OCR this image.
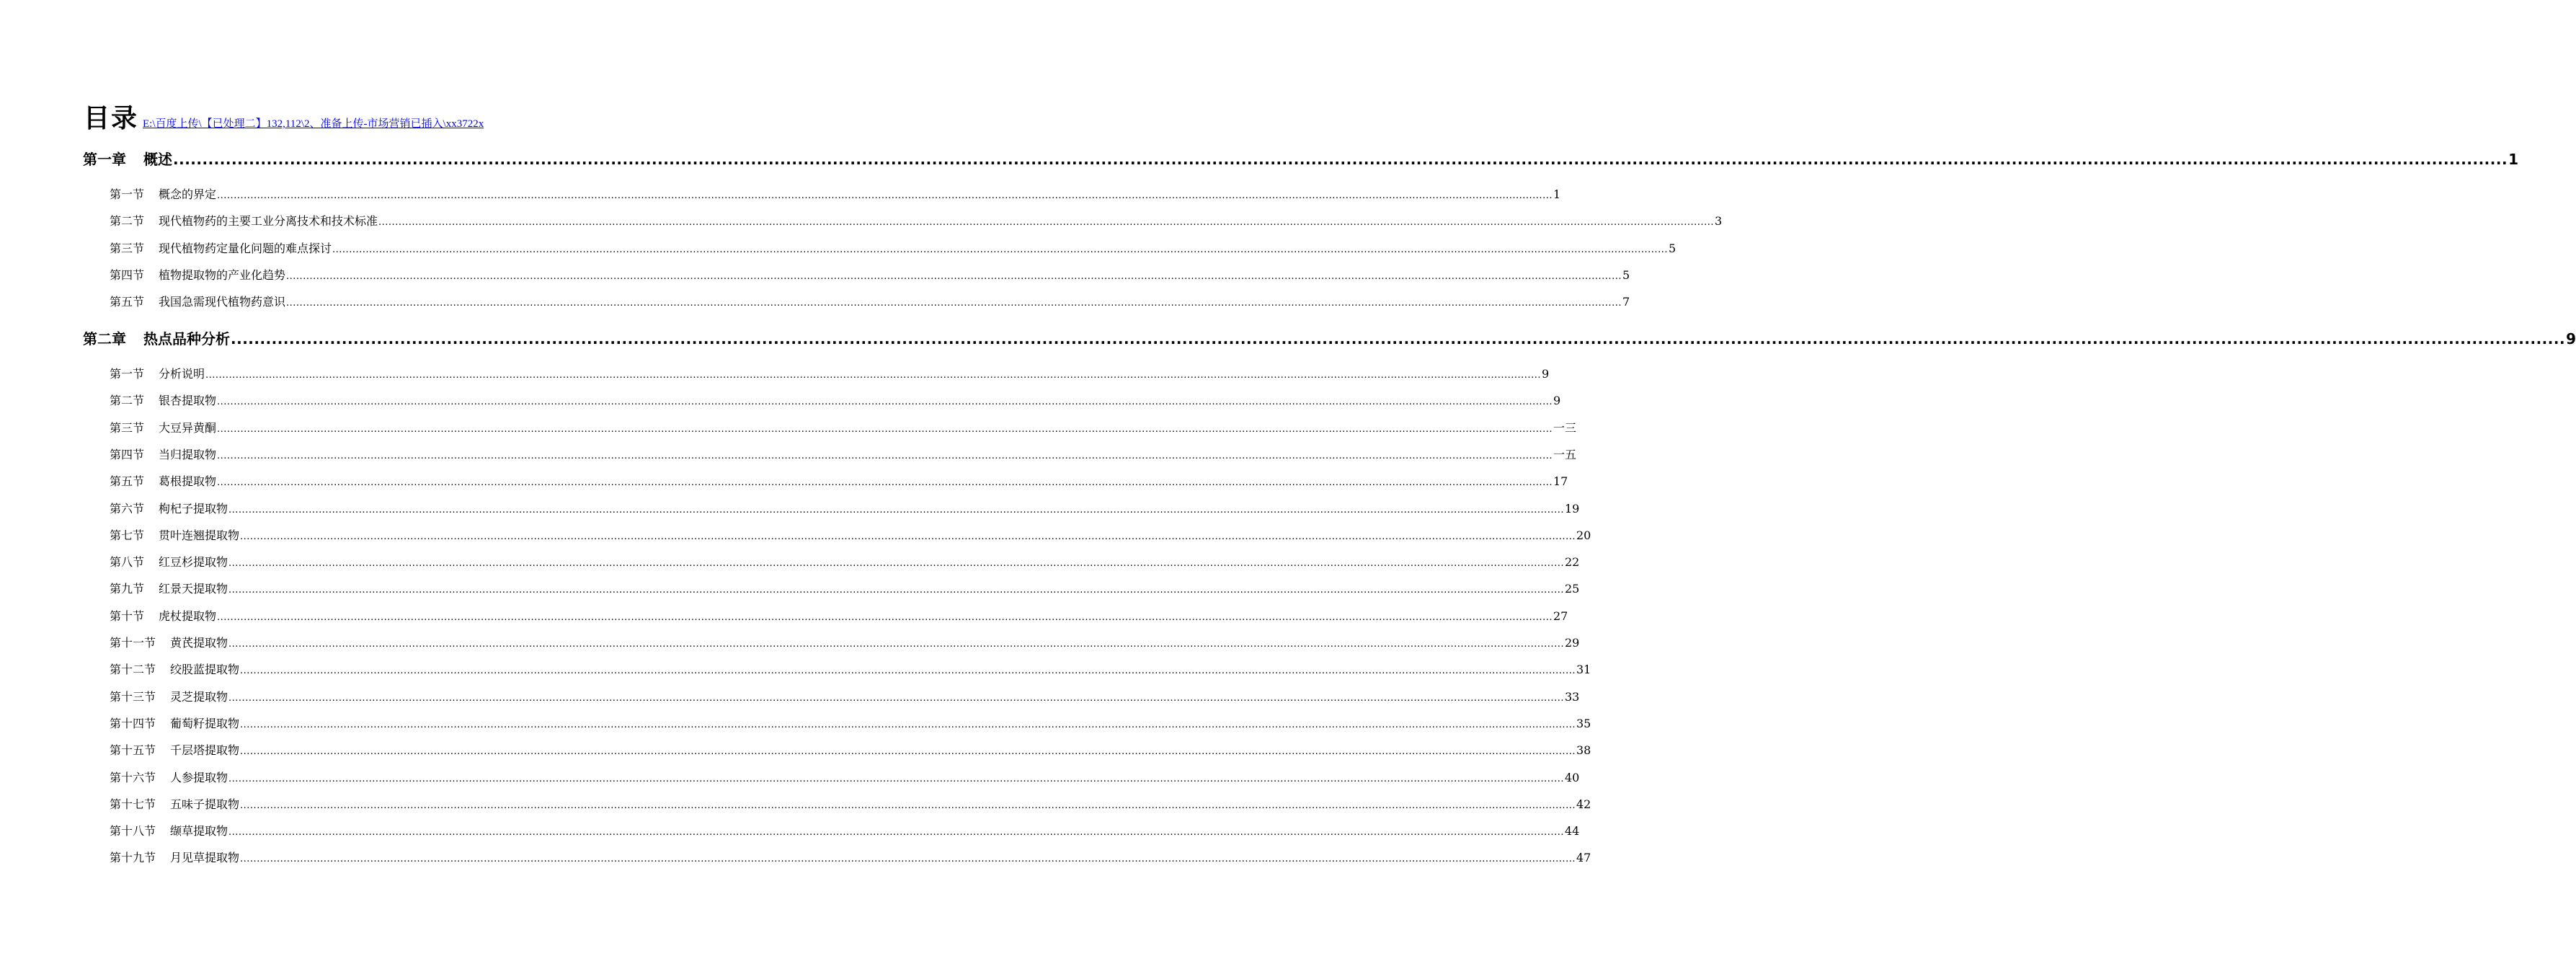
目录 E:\百度上传\【已处理二】132,112\2、准备上传-市场营销已插入\xx3722x
第一章 概述 ................................................................................................................................................................................................................................................................................................................................................................................................................ 1
第一节 概念的界定 ................................................................................................................................................................................................................................................................................................................................................................................................................ 1
第二节 现代植物药的主要工业分离技术和技术标准 ................................................................................................................................................................................................................................................................................................................................................................................................................ 3
第三节 现代植物药定量化问题的难点探讨 ................................................................................................................................................................................................................................................................................................................................................................................................................ 5
第四节 植物提取物的产业化趋势 ................................................................................................................................................................................................................................................................................................................................................................................................................ 5
第五节 我国急需现代植物药意识 ................................................................................................................................................................................................................................................................................................................................................................................................................ 7
第二章 热点品种分析 ................................................................................................................................................................................................................................................................................................................................................................................................................ 9
第一节 分析说明 ................................................................................................................................................................................................................................................................................................................................................................................................................ 9
第二节 银杏提取物 ................................................................................................................................................................................................................................................................................................................................................................................................................ 9
第三节 大豆异黄酮 ................................................................................................................................................................................................................................................................................................................................................................................................................ 一三
第四节 当归提取物 ................................................................................................................................................................................................................................................................................................................................................................................................................ 一五
第五节 葛根提取物 ................................................................................................................................................................................................................................................................................................................................................................................................................ 17
第六节 枸杞子提取物 ................................................................................................................................................................................................................................................................................................................................................................................................................ 19
第七节 贯叶连翘提取物 ................................................................................................................................................................................................................................................................................................................................................................................................................ 20
第八节 红豆杉提取物 ................................................................................................................................................................................................................................................................................................................................................................................................................ 22
第九节 红景天提取物 ................................................................................................................................................................................................................................................................................................................................................................................................................ 25
第十节 虎杖提取物 ................................................................................................................................................................................................................................................................................................................................................................................................................ 27
第十一节 黄芪提取物 ................................................................................................................................................................................................................................................................................................................................................................................................................ 29
第十二节 绞股蓝提取物 ................................................................................................................................................................................................................................................................................................................................................................................................................ 31
第十三节 灵芝提取物 ................................................................................................................................................................................................................................................................................................................................................................................................................ 33
第十四节 葡萄籽提取物 ................................................................................................................................................................................................................................................................................................................................................................................................................ 35
第十五节 千层塔提取物 ................................................................................................................................................................................................................................................................................................................................................................................................................ 38
第十六节 人参提取物 ................................................................................................................................................................................................................................................................................................................................................................................................................ 40
第十七节 五味子提取物 ................................................................................................................................................................................................................................................................................................................................................................................................................ 42
第十八节 缬草提取物 ................................................................................................................................................................................................................................................................................................................................................................................................................ 44
第十九节 月见草提取物 ................................................................................................................................................................................................................................................................................................................................................................................................................ 47
